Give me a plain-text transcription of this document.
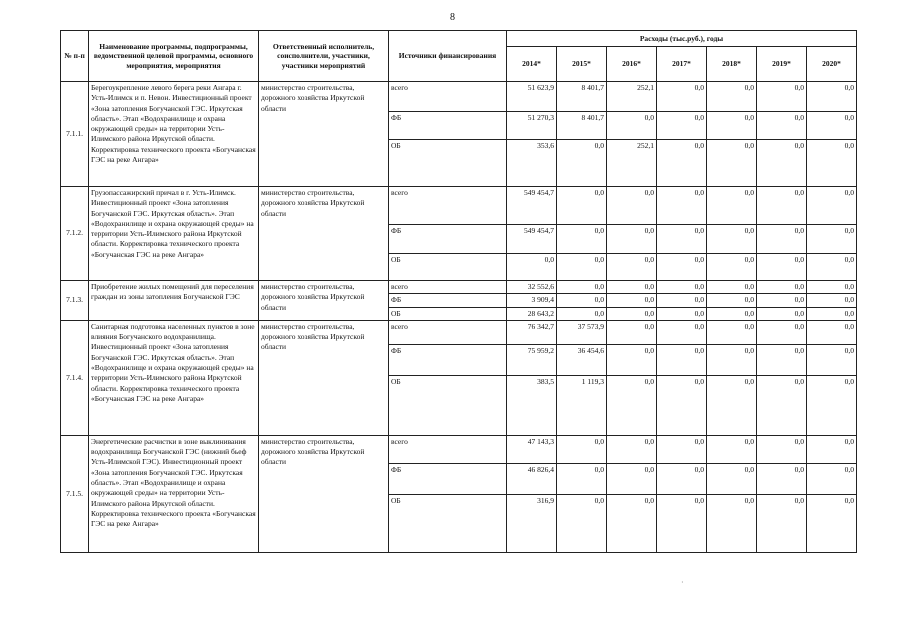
8
№ п-п	Наименование программы, подпрограммы, ведомственной целевой программы, основного мероприятия, мероприятия	Ответственный исполнитель, соисполнители, участники, участники мероприятий	Источники финансирования	Расходы (тыс.руб.), годы						
				2014*	2015*	2016*	2017*	2018*	2019*	2020*
7.1.1.	Берегоукрепление левого берега реки Ангара г. Усть-Илимск и п. Невон. Инвестиционный проект «Зона затопления Богучанской ГЭС. Иркутская область». Этап «Водохранилище и охрана окружающей среды» на территории Усть-Илимского района Иркутской области. Корректировка технического проекта «Богучанская ГЭС на реке Ангара»	министерство строительства, дорожного хозяйства Иркутской области	всего	51 623,9	8 401,7	252,1	0,0	0,0	0,0	0,0
			ФБ	51 270,3	8 401,7	0,0	0,0	0,0	0,0	0,0
			ОБ	353,6	0,0	252,1	0,0	0,0	0,0	0,0
7.1.2.	Грузопассажирский причал в г. Усть-Илимск. Инвестиционный проект «Зона затопления Богучанской ГЭС. Иркутская область». Этап «Водохранилище и охрана окружающей среды» на территории Усть-Илимского района Иркутской области. Корректировка технического проекта «Богучанская ГЭС на реке Ангара»	министерство строительства, дорожного хозяйства Иркутской области	всего	549 454,7	0,0	0,0	0,0	0,0	0,0	0,0
			ФБ	549 454,7	0,0	0,0	0,0	0,0	0,0	0,0
			ОБ	0,0	0,0	0,0	0,0	0,0	0,0	0,0
7.1.3.	Приобретение жилых помещений для переселения граждан из зоны затопления Богучанской ГЭС	министерство строительства, дорожного хозяйства Иркутской области	всего	32 552,6	0,0	0,0	0,0	0,0	0,0	0,0
			ФБ	3 909,4	0,0	0,0	0,0	0,0	0,0	0,0
			ОБ	28 643,2	0,0	0,0	0,0	0,0	0,0	0,0
7.1.4.	Санитарная подготовка населенных пунктов в зоне влияния Богучанского водохранилища. Инвестиционный проект «Зона затопления Богучанской ГЭС. Иркутская область». Этап «Водохранилище и охрана окружающей среды» на территории Усть-Илимского района Иркутской области. Корректировка технического проекта «Богучанская ГЭС на реке Ангара»	министерство строительства, дорожного хозяйства Иркутской области	всего	76 342,7	37 573,9	0,0	0,0	0,0	0,0	0,0
			ФБ	75 959,2	36 454,6	0,0	0,0	0,0	0,0	0,0
			ОБ	383,5	1 119,3	0,0	0,0	0,0	0,0	0,0
7.1.5.	Энергетические расчистки в зоне выклинивания водохранилища Богучанской ГЭС (нижний бьеф Усть-Илимской ГЭС). Инвестиционный проект «Зона затопления Богучанской ГЭС. Иркутская область». Этап «Водохранилище и охрана окружающей среды» на территории Усть-Илимского района Иркутской области. Корректировка технического проекта «Богучанская ГЭС на реке Ангара»	министерство строительства, дорожного хозяйства Иркутской области	всего	47 143,3	0,0	0,0	0,0	0,0	0,0	0,0
			ФБ	46 826,4	0,0	0,0	0,0	0,0	0,0	0,0
			ОБ	316,9	0,0	0,0	0,0	0,0	0,0	0,0
·
